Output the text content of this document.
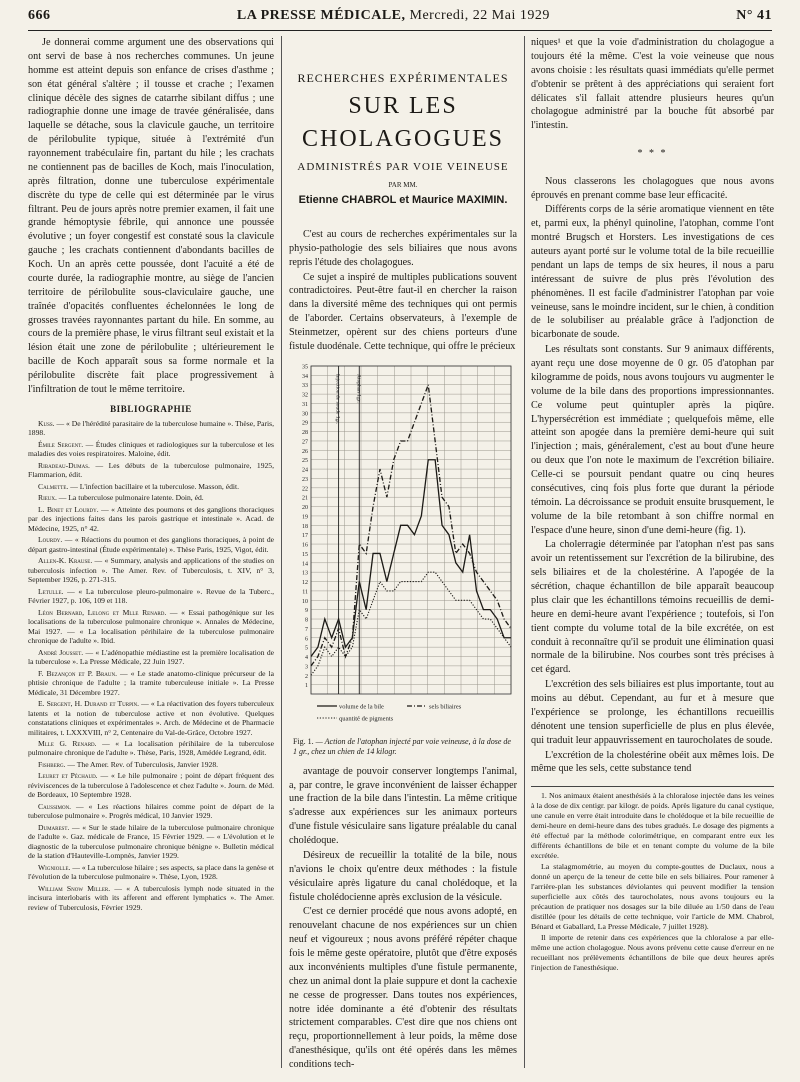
666	LA PRESSE MÉDICALE, Mercredi, 22 Mai 1929	N° 41

Je donnerai comme argument une des observations qui ont servi de base à nos recherches communes. Un jeune homme est atteint depuis son enfance de crises d'asthme ; son état général s'altère ; il tousse et crache ; l'examen clinique décèle des signes de catarrhe sibilant diffus ; une radiographie donne une image de travée généralisée, dans laquelle se détache, sous la clavicule gauche, un territoire de périlobulite typique, située à l'extrémité d'un rayonnement trabéculaire fin, partant du hile ; les crachats ne contiennent pas de bacilles de Koch, mais l'inoculation, après filtration, donne une tuberculose expérimentale discrète du type de celle qui est déterminée par le virus filtrant. Peu de jours après notre premier examen, il fait une grande hémoptysie fébrile, qui annonce une poussée évolutive ; un foyer congestif est constaté sous la clavicule gauche ; les crachats contiennent d'abondants bacilles de Koch. Un an après cette poussée, dont l'acuité a été de courte durée, la radiographie montre, au siège de l'ancien territoire de périlobulite sous-claviculaire gauche, une traînée d'opacités confluentes échelonnées le long de grosses travées rayonnantes partant du hile. En somme, au cours de la première phase, le virus filtrant seul existait et la lésion était une zone de périlobulite ; ultérieurement le bacille de Koch apparaît sous sa forme normale et la périlobulite discrète fait place progressivement à l'infiltration de tout le même territoire.

BIBLIOGRAPHIE

Kuss. — « De l'hérédité parasitaire de la tuberculose humaine ». Thèse, Paris, 1898.

Émile Sergent. — Études cliniques et radiologiques sur la tuberculose et les maladies des voies respiratoires. Maloine, édit.

Ribadeau-Dumas. — Les débuts de la tuberculose pulmonaire, 1925, Flammarion, édit.

Calmette. — L'infection bacillaire et la tuberculose. Masson, édit.

Rieux. — La tuberculose pulmonaire latente. Doin, éd.

L. Binet et Lourdy. — « Atteinte des poumons et des ganglions thoraciques par des injections faites dans les parois gastrique et intestinale ». Acad. de Médecine, 1925, n° 42.

Lourdy. — « Réactions du poumon et des ganglions thoraciques, à point de départ gastro-intestinal (Étude expérimentale) ». Thèse Paris, 1925, Vigot, édit.

Allen-K. Krause. — « Summary, analysis and applications of the studies on tuberculosis infection ». The Amer. Rev. of Tuberculosis, t. XIV, n° 3, September 1926, p. 271-315.

Letulle. — « La tuberculose pleuro-pulmonaire ». Revue de la Tuberc., Février 1927, p. 106, 109 et 118.

Léon Bernard, Lelong et Mlle Renard. — « Essai pathogénique sur les localisations de la tuberculose pulmonaire chronique ». Annales de Médecine, Mai 1927. — « La localisation périhilaire de la tuberculose pulmonaire chronique de l'adulte ». Ibid.

André Jousset. — « L'adénopathie médiastine est la première localisation de la tuberculose ». La Presse Médicale, 22 Juin 1927.

F. Bezançon et P. Braun. — « Le stade anatomo-clinique précurseur de la phtisie chronique de l'adulte ; la tramite tuberculeuse initiale ». La Presse Médicale, 31 Décembre 1927.

E. Sergent, H. Durand et Turpin. — « La réactivation des foyers tuberculeux latents et la notion de tuberculose active et non évolutive. Quelques constatations cliniques et expérimentales ». Arch. de Médecine et de Pharmacie militaires, t. LXXXVIII, n° 2, Centenaire du Val-de-Grâce, Octobre 1927.

Mlle G. Renard. — « La localisation périhilaire de la tuberculose pulmonaire chronique de l'adulte ». Thèse, Paris, 1928, Amédée Legrand, édit.

Fishberg. — The Amer. Rev. of Tuberculosis, Janvier 1928.

Leuret et Péchaud. — « Le hile pulmonaire ; point de départ fréquent des réviviscences de la tuberculose à l'adolescence et chez l'adulte ». Journ. de Méd. de Bordeaux, 10 Septembre 1928.

Caussimon. — « Les réactions hilaires comme point de départ de la tuberculose pulmonaire ». Progrès médical, 10 Janvier 1929.

Dumarest. — « Sur le stade hilaire de la tuberculose pulmonaire chronique de l'adulte ». Gaz. médicale de France, 15 Février 1929. — « L'évolution et le diagnostic de la tuberculose pulmonaire chronique bénigne ». Bulletin médical de la station d'Hauteville-Lompnès, Janvier 1929.

Wigniolle. — « La tuberculose hilaire ; ses aspects, sa place dans la genèse et l'évolution de la tuberculose pulmonaire ». Thèse, Lyon, 1928.

William Snow Miller. — « A tuberculosis lymph node situated in the incisura interlobaris with its afferent and efferent lymphatics ». The Amer. review of Tuberculosis, Février 1929.

RECHERCHES EXPÉRIMENTALES
SUR LES CHOLAGOGUES
ADMINISTRÉS PAR VOIE VEINEUSE
PAR MM.
Etienne CHABROL et Maurice MAXIMIN.

C'est au cours de recherches expérimentales sur la physio-pathologie des sels biliaires que nous avons repris l'étude des cholagogues.

Ce sujet a inspiré de multiples publications souvent contradictoires. Peut-être faut-il en chercher la raison dans la diversité même des techniques qui ont permis de l'aborder. Certains observateurs, à l'exemple de Steinmetzer, opèrent sur des chiens porteurs d'une fistule duodénale. Cette technique, qui offre le précieux

1
2
3
4
5
6
7
8
9
10
11
12
13
14
15
16
17
18
19
20
21
22
23
24
25
26
27
28
29
30
31
32
33
34
35
Injection de soude 1gr.	Atophan 1gr.
volume de la bile	sels biliaires
quantité de pigments
Fig. 1. — Action de l'atophan injecté par voie veineuse, à la dose de 1 gr., chez un chien de 14 kilogr.

avantage de pouvoir conserver longtemps l'animal, a, par contre, le grave inconvénient de laisser échapper une fraction de la bile dans l'intestin. La même critique s'adresse aux expériences sur les animaux porteurs d'une fistule vésiculaire sans ligature préalable du canal cholédoque.

Désireux de recueillir la totalité de la bile, nous n'avions le choix qu'entre deux méthodes : la fistule vésiculaire après ligature du canal cholédoque, et la fistule cholédocienne après exclusion de la vésicule.

C'est ce dernier procédé que nous avons adopté, en renouvelant chacune de nos expériences sur un chien neuf et vigoureux ; nous avons préféré répéter chaque fois le même geste opératoire, plutôt que d'être exposés aux inconvénients multiples d'une fistule permanente, chez un animal dont la plaie suppure et dont la cachexie ne cesse de progresser. Dans toutes nos expériences, notre idée dominante a été d'obtenir des résultats strictement comparables. C'est dire que nos chiens ont reçu, proportionnellement à leur poids, la même dose d'anesthésique, qu'ils ont été opérés dans les mêmes conditions tech-

niques¹ et que la voie d'administration du cholagogue a toujours été la même. C'est la voie veineuse que nous avons choisie : les résultats quasi immédiats qu'elle permet d'obtenir se prêtent à des appréciations qui seraient fort délicates s'il fallait attendre plusieurs heures qu'un cholagogue administré par la bouche fût absorbé par l'intestin.

* * *

Nous classerons les cholagogues que nous avons éprouvés en prenant comme base leur efficacité.

Différents corps de la série aromatique viennent en tête et, parmi eux, la phényl quinoline, l'atophan, comme l'ont montré Brugsch et Horsters. Les investigations de ces auteurs ayant porté sur le volume total de la bile recueillie pendant un laps de temps de six heures, il nous a paru intéressant de suivre de plus près l'évolution des phénomènes. Il est facile d'administrer l'atophan par voie veineuse, sans le moindre incident, sur le chien, à condition de le solubiliser au préalable grâce à l'adjonction de bicarbonate de soude.

Les résultats sont constants. Sur 9 animaux différents, ayant reçu une dose moyenne de 0 gr. 05 d'atophan par kilogramme de poids, nous avons toujours vu augmenter le volume de la bile dans des proportions impressionnantes. Ce volume peut quintupler après la piqûre. L'hypersécrétion est immédiate ; quelquefois même, elle atteint son apogée dans la première demi-heure qui suit l'injection ; mais, généralement, c'est au bout d'une heure ou deux que l'on note le maximum de l'excrétion biliaire. Celle-ci se poursuit pendant quatre ou cinq heures consécutives, cinq fois plus forte que durant la période témoin. La décroissance se produit ensuite brusquement, le volume de la bile retombant à son chiffre normal en l'espace d'une heure, sinon d'une demi-heure (fig. 1).

La cholerragie déterminée par l'atophan n'est pas sans avoir un retentissement sur l'excrétion de la bilirubine, des sels biliaires et de la cholestérine. A l'apogée de la sécrétion, chaque échantillon de bile apparaît beaucoup plus clair que les échantillons témoins recueillis de demi-heure en demi-heure avant l'expérience ; toutefois, si l'on tient compte du volume total de la bile excrétée, on est conduit à reconnaître qu'il se produit une élimination quasi normale de la bilirubine. Nos courbes sont très précises à cet égard.

L'excrétion des sels biliaires est plus importante, tout au moins au début. Cependant, au fur et à mesure que l'expérience se prolonge, les échantillons recueillis dénotent une tension superficielle de plus en plus élevée, qui traduit leur appauvrissement en taurocholates de soude.

L'excrétion de la cholestérine obéit aux mêmes lois. De même que les sels, cette substance tend

1. Nos animaux étaient anesthésiés à la chloralose injectée dans les veines à la dose de dix centigr. par kilogr. de poids. Après ligature du canal cystique, une canule en verre était introduite dans le cholédoque et la bile recueillie de demi-heure en demi-heure dans des tubes gradués. Le dosage des pigments a été effectué par la méthode colorimétrique, en comparant entre eux les différents échantillons de bile et en tenant compte du volume de la bile excrétée.

La stalagmométrie, au moyen du compte-gouttes de Duclaux, nous a donné un aperçu de la teneur de cette bile en sels biliaires. Pour ramener à l'arrière-plan les substances déviolantes qui peuvent modifier la tension superficielle aux côtés des taurocholates, nous avons toujours eu la précaution de pratiquer nos dosages sur la bile diluée au 1/50 dans de l'eau distillée (pour les détails de cette technique, voir l'article de MM. Chabrol, Bénard et Gaballard, La Presse Médicale, 7 juillet 1928).

Il importe de retenir dans ces expériences que la chloralose a par elle-même une action cholagogue. Nous avons prévenu cette cause d'erreur en ne recueillant nos prélèvements échantillons de bile que deux heures après l'injection de l'anesthésique.
